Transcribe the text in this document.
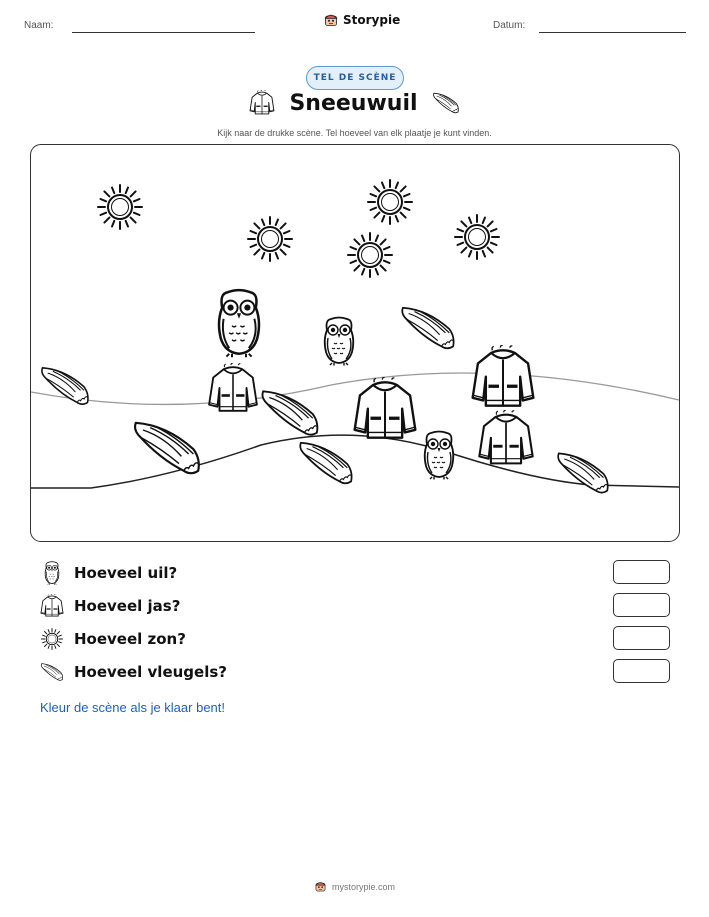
Naam:	Storypie	Datum:
TEL DE SCÈNE
Sneeuwuil
Kijk naar de drukke scène. Tel hoeveel van elk plaatje je kunt vinden.
Hoeveel uil?
Hoeveel jas?
Hoeveel zon?
Hoeveel vleugels?
Kleur de scène als je klaar bent!
mystorypie.com
